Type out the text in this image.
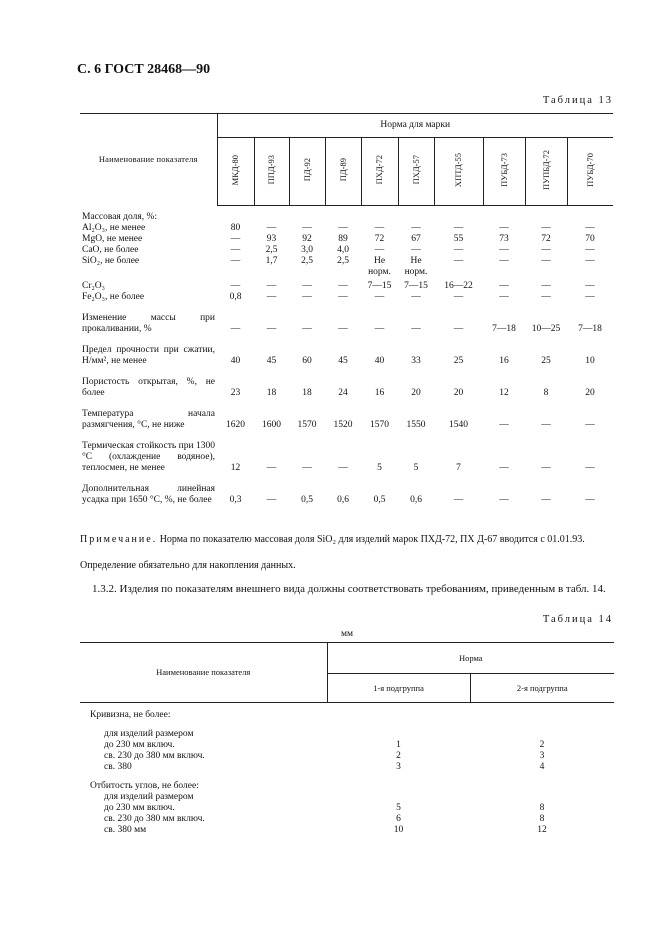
С. 6 ГОСТ 28468—90
Таблица 13
Наименование показателя	Норма для марки									
	МКД-80	ППД-93	ПД-92	ПД-89	ПХД-72	ПХД-57	ХПТД-55	ПУБД-73	ПУПБД-72	ПУБД-70
Массовая доля, %:										
Al₂O₃, не менее	80	—	—	—	—	—	—	—	—	—
MgO, не менее	—	93	92	89	72	67	55	73	72	70
CaO, не более	—	2,5	3,0	4,0	—	—	—	—	—	—
SiO₂, не более	—	1,7	2,5	2,5	Не	Не	—	—	—	—
					норм.	норм.				
Cr₂O₃	—	—	—	—	7—15	7—15	16—22	—	—	—
Fe₂O₃, не более	0,8	—	—	—	—	—	—	—	—	—
Изменение массы при прокаливании, %	—	—	—	—	—	—	—	7—18	10—25	7—18
Предел прочности при сжатии, Н/мм², не менее	40	45	60	45	40	33	25	16	25	10
Пористость открытая, %, не более	23	18	18	24	16	20	20	12	8	20
Температура начала размягчения, °С, не ниже	1620	1600	1570	1520	1570	1550	1540	—	—	—
Термическая стойкость при 1300 °С (охлаждение водяное), теплосмен, не менее	12	—	—	—	5	5	7	—	—	—
Дополнительная линейная усадка при 1650 °С, %, не более	0,3	—	0,5	0,6	0,5	0,6	—	—	—	—

Примечание. Норма по показателю массовая доля SiO₂ для изделий марок ПХД-72, ПХ Д-67 вводится с 01.01.93.
Определение обязательно для накопления данных.
1.3.2. Изделия по показателям внешнего вида должны соответствовать требованиям, приведенным в табл. 14.
Таблица 14
мм
Наименование показателя	Норма	
	1-я подгруппа	2-я подгруппа
Кривизна, не более:		
для изделий размером		
до 230 мм включ.	1	2
св. 230 до 380 мм включ.	2	3
св. 380	3	4
Отбитость углов, не более:		
для изделий размером		
до 230 мм включ.	5	8
св. 230 до 380 мм включ.	6	8
св. 380 мм	10	12
